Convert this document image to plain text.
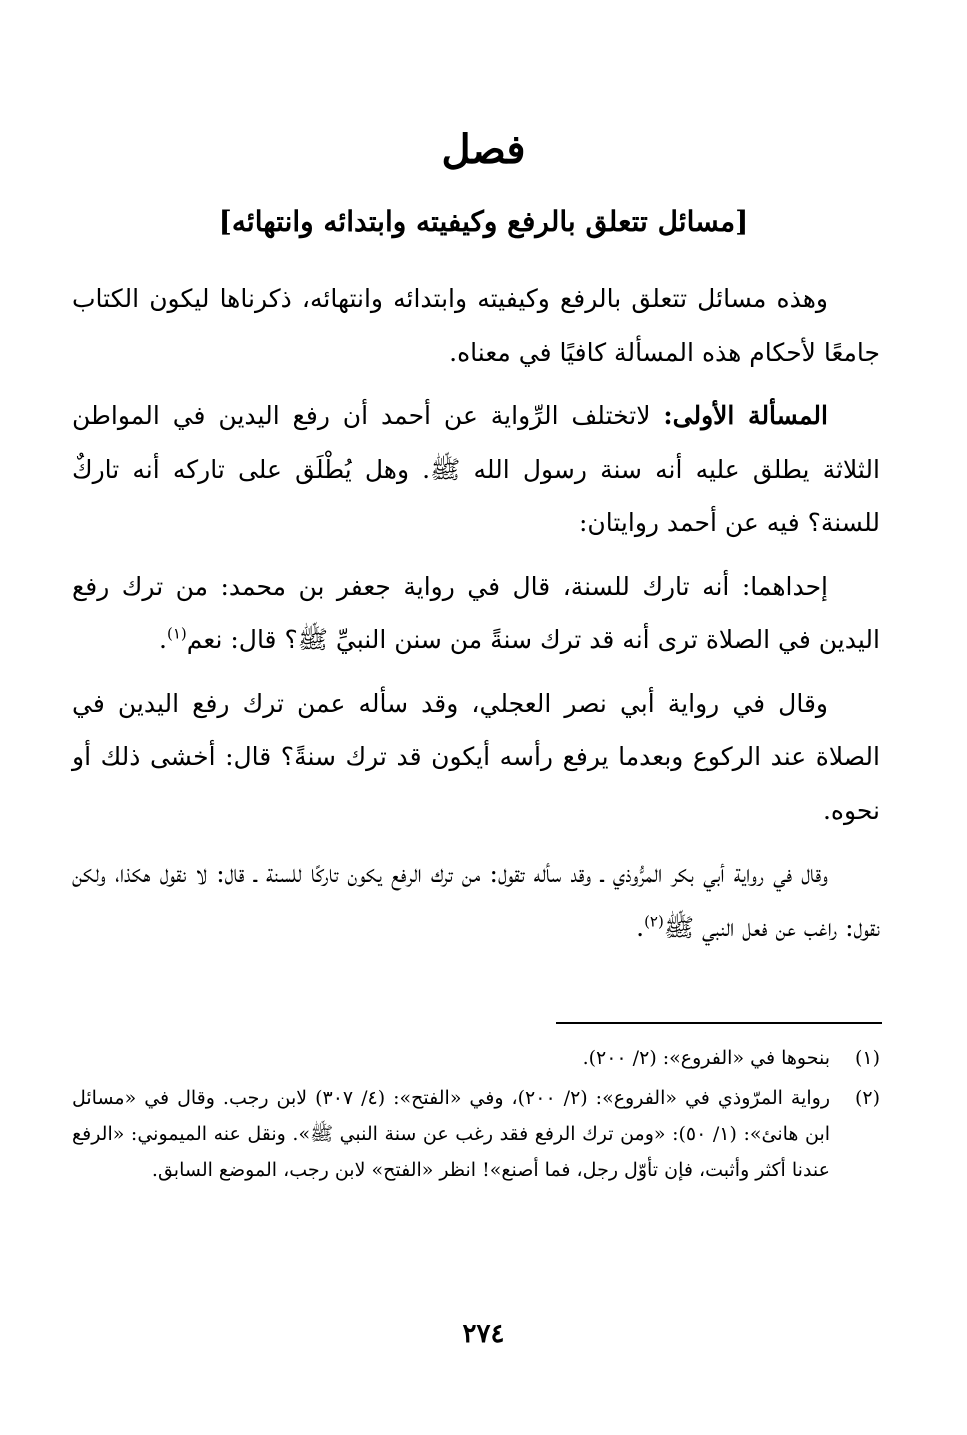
فصل
[مسائل تتعلق بالرفع وكيفيته وابتدائه وانتهائه]

وهذه مسائل تتعلق بالرفع وكيفيته وابتدائه وانتهائه، ذكرناها ليكون الكتاب جامعًا لأحكام هذه المسألة كافيًا في معناه.

المسألة الأولى: لاتختلف الرِّواية عن أحمد أن رفع اليدين في المواطن الثلاثة يطلق عليه أنه سنة رسول الله ﷺ. وهل يُطْلَق على تاركه أنه تاركٌ للسنة؟ فيه عن أحمد روايتان:

إحداهما: أنه تارك للسنة، قال في رواية جعفر بن محمد: من ترك رفع اليدين في الصلاة ترى أنه قد ترك سنةً من سنن النبيِّ ﷺ؟ قال: نعم$^{(١)}$.

وقال في رواية أبي نصر العجلي، وقد سأله عمن ترك رفع اليدين في الصلاة عند الركوع وبعدما يرفع رأسه أيكون قد ترك سنةً؟ قال: أخشى ذلك أو نحوه.

وقال في رواية أبي بكر المرُّوذي ـ وقد سأله تقول: من ترك الرفع يكون تاركًا للسنة ـ قال: لا نقول هكذا، ولكن نقول: راغب عن فعل النبي ﷺ$^{(٢)}$.

(١)
بنحوها في «الفروع»: (٢/ ٢٠٠).
(٢)
رواية المرّوذي في «الفروع»: (٢/ ٢٠٠)، وفي «الفتح»: (٤/ ٣٠٧) لابن رجب. وقال في «مسائل ابن هانئ»: (١/ ٥٠): «ومن ترك الرفع فقد رغب عن سنة النبي ﷺ». ونقل عنه الميموني: «الرفع عندنا أكثر وأثبت، فإن تأوّل رجل، فما أصنع»! انظر «الفتح» لابن رجب، الموضع السابق.
٢٧٤
